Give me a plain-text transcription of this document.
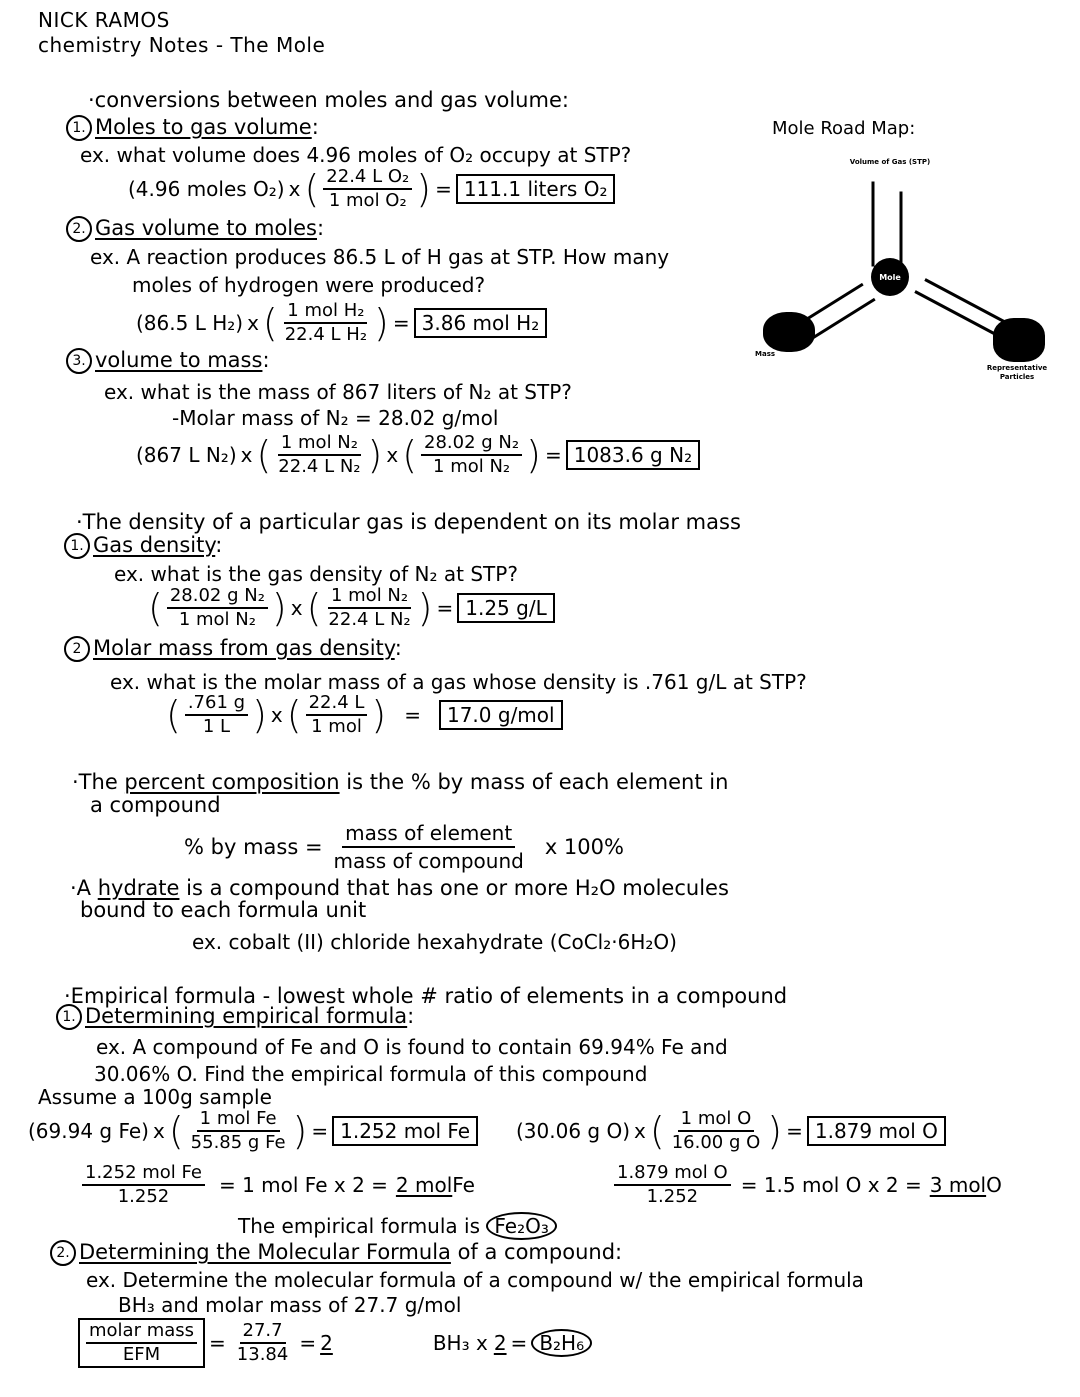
NICK RAMOS
chemistry Notes - The Mole
·conversions between moles and gas volume:
1. Moles to gas volume:
ex. what volume does 4.96 moles of O₂ occupy at STP?
(4.96 moles O₂) x ( $\frac{\text{22.4 L O₂}}{\text{1 mol O₂}}$ ) = 111.1 liters O₂
2. Gas volume to moles:
ex. A reaction produces 86.5 L of H gas at STP. How many
moles of hydrogen were produced?
(86.5 L H₂) x ( $\frac{\text{1 mol H₂}}{\text{22.4 L H₂}}$ ) = 3.86 mol H₂
3. volume to mass:
ex. what is the mass of 867 liters of N₂ at STP?
-Molar mass of N₂ = 28.02 g/mol
(867 L N₂) x ( $\frac{\text{1 mol N₂}}{\text{22.4 L N₂}}$ ) x ( $\frac{\text{28.02 g N₂}}{\text{1 mol N₂}}$ ) = 1083.6 g N₂
Mole Road Map:
Volume of Gas (STP)
Mole
Mass
Representative Particles
·The density of a particular gas is dependent on its molar mass
1. Gas density:
ex. what is the gas density of N₂ at STP?
( $\frac{\text{28.02 g N₂}}{\text{1 mol N₂}}$ ) x ( $\frac{\text{1 mol N₂}}{\text{22.4 L N₂}}$ ) = 1.25 g/L
2 Molar mass from gas density:
ex. what is the molar mass of a gas whose density is .761 g/L at STP?
( $\frac{.761 g}{1 L}$ ) x ( $\frac{22.4 L}{\text{1 mol}}$ ) =	17.0 g/mol
·The percent composition is the % by mass of each element in
a compound
% by mass = $\frac{\text{mass of element}}{\text{mass of compound}}$ x 100%
·A hydrate is a compound that has one or more H₂O molecules
bound to each formula unit
ex. cobalt (II) chloride hexahydrate (CoCl₂·6H₂O)
·Empirical formula - lowest whole # ratio of elements in a compound
1. Determining empirical formula:
ex. A compound of Fe and O is found to contain 69.94% Fe and
30.06% O. Find the empirical formula of this compound
Assume a 100g sample
(69.94 g Fe) x ( $\frac{\text{1 mol Fe}}{\text{55.85 g Fe}}$ ) = 1.252 mol Fe	(30.06 g O) x ( $\frac{\text{1 mol O}}{\text{16.00 g O}}$ ) = 1.879 mol O
$\frac{\text{1.252 mol Fe}}{1.252} = 1$ mol Fe x 2 = 2 mol Fe	$\frac{\text{1.879 mol O}}{1.252} = 1.5$ mol O x 2 = 3 mol O
The empirical formula is Fe₂O₃
2. Determining the Molecular Formula of a compound:
ex. Determine the molecular formula of a compound w/ the empirical formula
BH₃ and molar mass of 27.7 g/mol
$\frac{\text{molar mass}}{\text{EFM}} = \frac{27.7}{13.84} = 2$	BH₃ x 2 = B₂H₆
